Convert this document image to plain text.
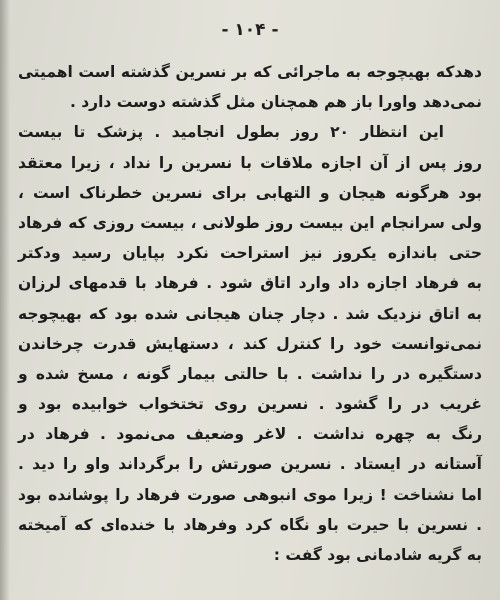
- ۱۰۴ -
دهدکه بهیچوجه به ماجرائی که بر نسرین گذشته است اهمیتی
نمی‌دهد واورا باز هم همچنان مثل گذشته دوست دارد .
این انتظار ۲۰ روز بطول انجامید . پزشک تا بیست
روز پس از آن اجازه ملاقات با نسرین را نداد ، زیرا معتقد
بود هرگونه هیجان و التهابی برای نسرین خطرناک است ،
ولی سرانجام این بیست روز طولانی ، بیست روزی که فرهاد
حتی باندازه یکروز نیز استراحت نکرد بپایان رسید ودکتر
به فرهاد اجازه داد وارد اتاق شود . فرهاد با قدمهای لرزان
به اتاق نزدیک شد . دچار چنان هیجانی شده بود که بهیچوجه
نمی‌توانست خود را کنترل کند ، دستهایش قدرت چرخاندن
دستگیره در را نداشت . با حالتی بیمار گونه ، مسخ شده و
غریب در را گشود . نسرین روی تختخواب خوابیده بود و
رنگ به چهره نداشت . لاغر وضعیف می‌نمود . فرهاد در
آستانه در ایستاد . نسرین صورتش را برگرداند واو را دید .
اما نشناخت ! زیرا موی انبوهی صورت فرهاد را پوشانده بود
. نسرین با حیرت باو نگاه کرد وفرهاد با خنده‌ای که آمیخته
به گریه شادمانی بود گفت :
